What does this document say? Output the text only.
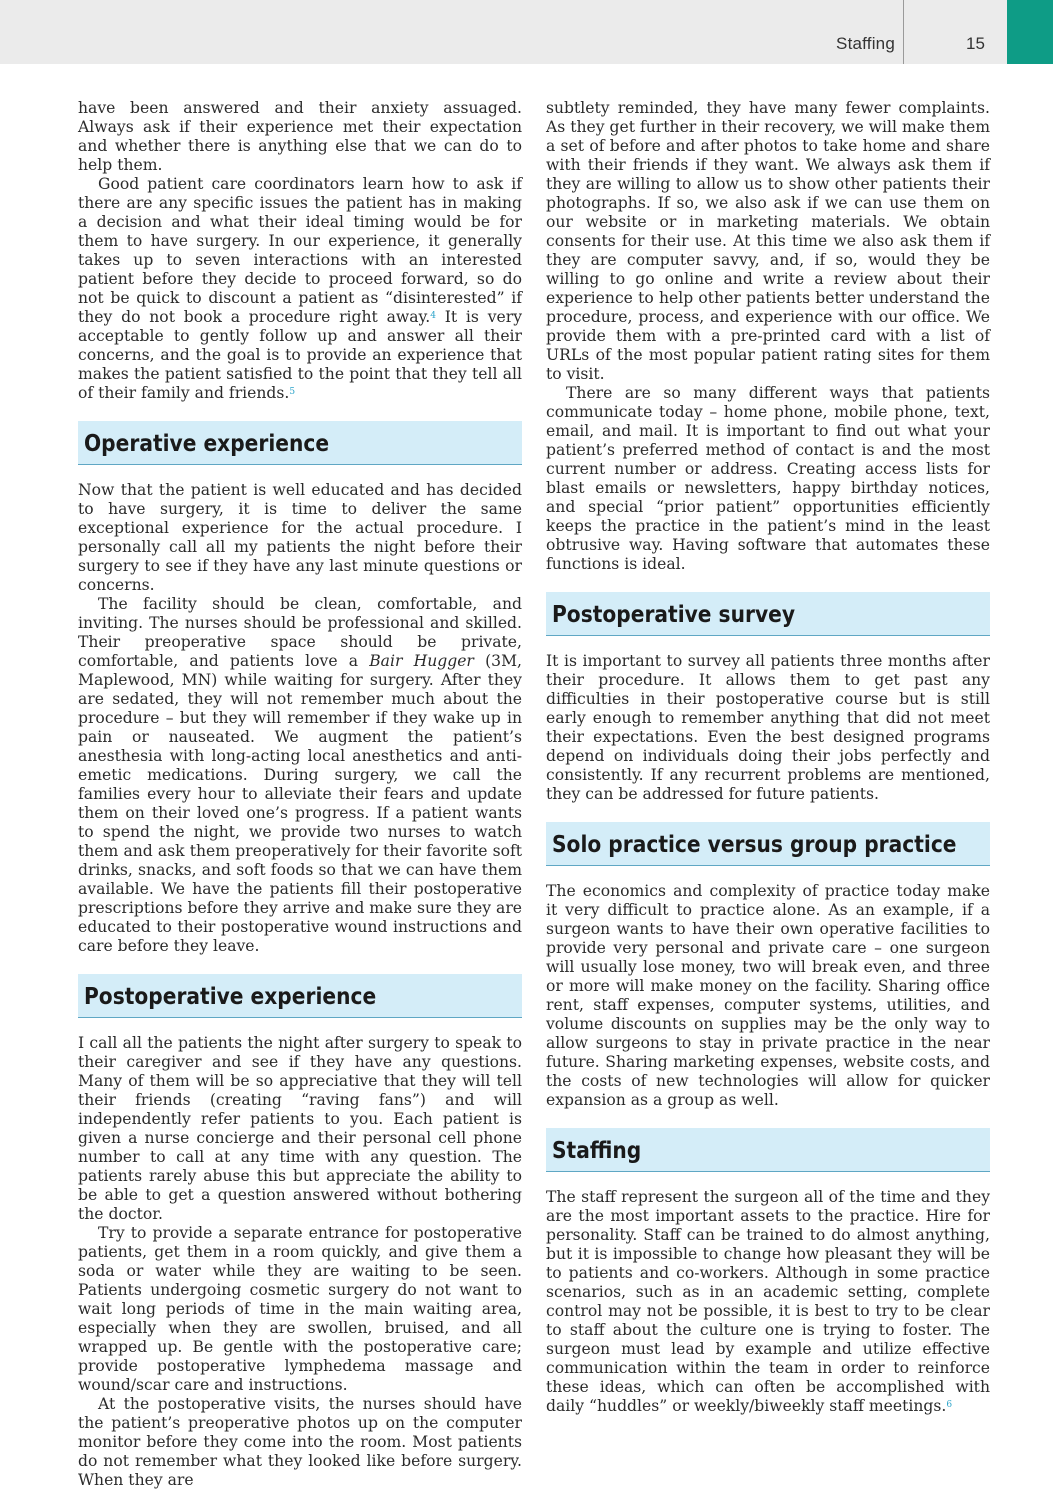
Staffing	15

have been answered and their anxiety assuaged. Always ask if their experience met their expectation and whether there is anything else that we can do to help them.

Good patient care coordinators learn how to ask if there are any specific issues the patient has in making a decision and what their ideal timing would be for them to have surgery. In our experience, it generally takes up to seven interactions with an interested patient before they decide to proceed forward, so do not be quick to discount a patient as “disinterested” if they do not book a procedure right away.$^4$ It is very acceptable to gently follow up and answer all their concerns, and the goal is to provide an experience that makes the patient satisfied to the point that they tell all of their family and friends.$^5$

Operative experience

Now that the patient is well educated and has decided to have surgery, it is time to deliver the same exceptional experience for the actual procedure. I personally call all my patients the night before their surgery to see if they have any last minute questions or concerns.

The facility should be clean, comfortable, and inviting. The nurses should be professional and skilled. Their preoperative space should be private, comfortable, and patients love a Bair Hugger (3M, Maplewood, MN) while waiting for surgery. After they are sedated, they will not remember much about the procedure – but they will remember if they wake up in pain or nauseated. We augment the patient’s anesthesia with long-acting local anesthetics and anti-emetic medications. During surgery, we call the families every hour to alleviate their fears and update them on their loved one’s progress. If a patient wants to spend the night, we provide two nurses to watch them and ask them preoperatively for their favorite soft drinks, snacks, and soft foods so that we can have them available. We have the patients fill their postoperative prescriptions before they arrive and make sure they are educated to their postoperative wound instructions and care before they leave.

Postoperative experience

I call all the patients the night after surgery to speak to their caregiver and see if they have any questions. Many of them will be so appreciative that they will tell their friends (creating “raving fans”) and will independently refer patients to you. Each patient is given a nurse concierge and their personal cell phone number to call at any time with any question. The patients rarely abuse this but appreciate the ability to be able to get a question answered without bothering the doctor.

Try to provide a separate entrance for postoperative patients, get them in a room quickly, and give them a soda or water while they are waiting to be seen. Patients undergoing cosmetic surgery do not want to wait long periods of time in the main waiting area, especially when they are swollen, bruised, and all wrapped up. Be gentle with the postoperative care; provide postoperative lymphedema massage and wound/scar care and instructions.

At the postoperative visits, the nurses should have the patient’s preoperative photos up on the computer monitor before they come into the room. Most patients do not remember what they looked like before surgery. When they are

subtlety reminded, they have many fewer complaints. As they get further in their recovery, we will make them a set of before and after photos to take home and share with their friends if they want. We always ask them if they are willing to allow us to show other patients their photographs. If so, we also ask if we can use them on our website or in marketing materials. We obtain consents for their use. At this time we also ask them if they are computer savvy, and, if so, would they be willing to go online and write a review about their experience to help other patients better understand the procedure, process, and experience with our office. We provide them with a pre-printed card with a list of URLs of the most popular patient rating sites for them to visit.

There are so many different ways that patients communicate today – home phone, mobile phone, text, email, and mail. It is important to find out what your patient’s preferred method of contact is and the most current number or address. Creating access lists for blast emails or newsletters, happy birthday notices, and special “prior patient” opportunities efficiently keeps the practice in the patient’s mind in the least obtrusive way. Having software that automates these functions is ideal.

Postoperative survey

It is important to survey all patients three months after their procedure. It allows them to get past any difficulties in their postoperative course but is still early enough to remember anything that did not meet their expectations. Even the best designed programs depend on individuals doing their jobs perfectly and consistently. If any recurrent problems are mentioned, they can be addressed for future patients.

Solo practice versus group practice

The economics and complexity of practice today make it very difficult to practice alone. As an example, if a surgeon wants to have their own operative facilities to provide very personal and private care – one surgeon will usually lose money, two will break even, and three or more will make money on the facility. Sharing office rent, staff expenses, computer systems, utilities, and volume discounts on supplies may be the only way to allow surgeons to stay in private practice in the near future. Sharing marketing expenses, website costs, and the costs of new technologies will allow for quicker expansion as a group as well.

Staffing

The staff represent the surgeon all of the time and they are the most important assets to the practice. Hire for personality. Staff can be trained to do almost anything, but it is impossible to change how pleasant they will be to patients and co-workers. Although in some practice scenarios, such as in an academic setting, complete control may not be possible, it is best to try to be clear to staff about the culture one is trying to foster. The surgeon must lead by example and utilize effective communication within the team in order to reinforce these ideas, which can often be accomplished with daily “huddles” or weekly/biweekly staff meetings.$^6$
